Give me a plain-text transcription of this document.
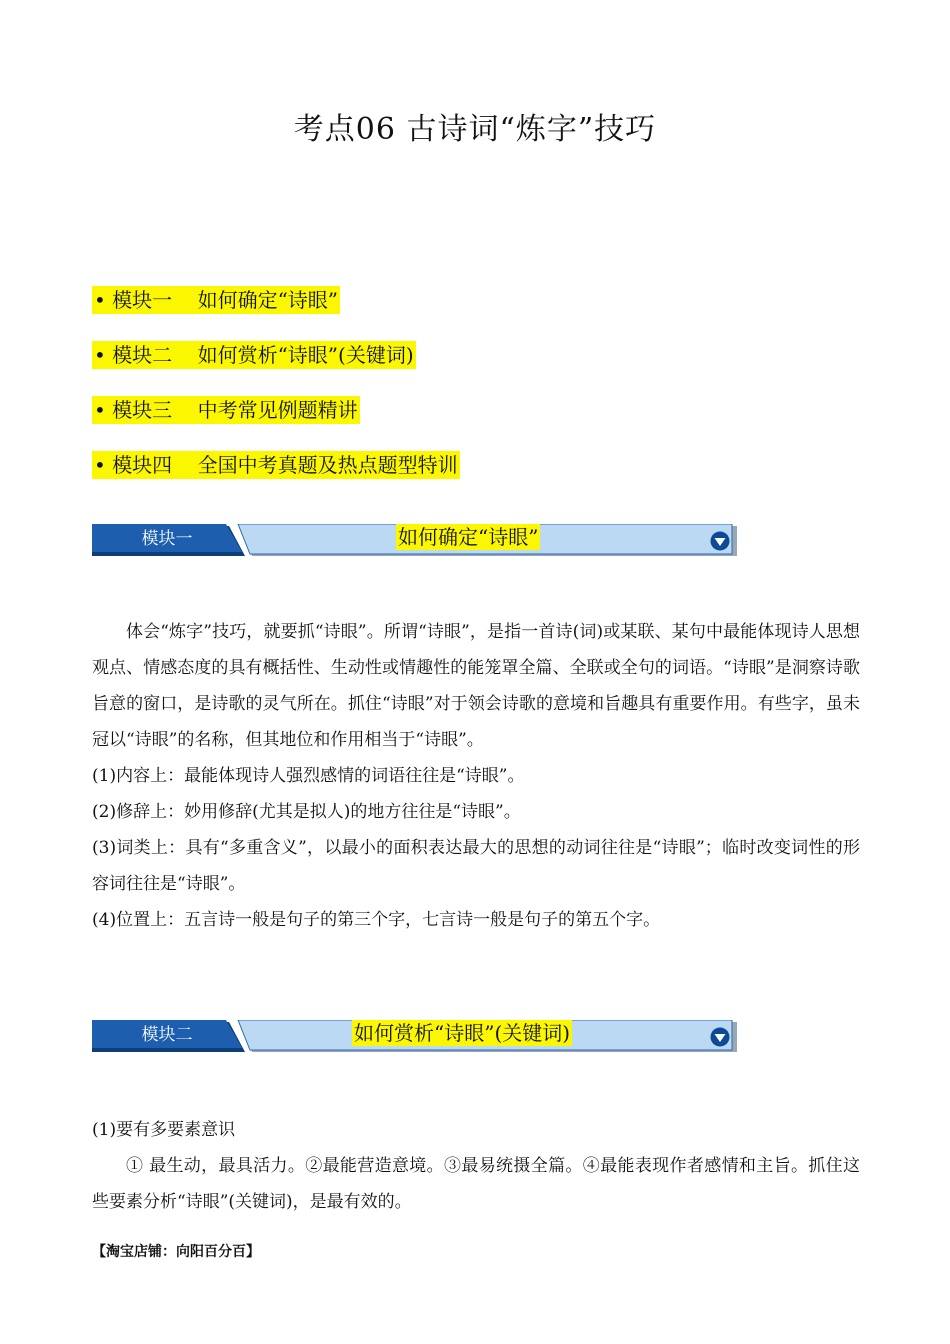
考点06 古诗词“炼字”技巧
• 模块一    如何确定“诗眼”
• 模块二    如何赏析“诗眼”(关键词)
• 模块三    中考常见例题精讲
• 模块四    全国中考真题及热点题型特训
模块一	如何确定“诗眼”

体会“炼字”技巧，就要抓“诗眼”。所谓“诗眼”，是指一首诗(词)或某联、某句中最能体现诗人思想观点、情感态度的具有概括性、生动性或情趣性的能笼罩全篇、全联或全句的词语。“诗眼”是洞察诗歌旨意的窗口，是诗歌的灵气所在。抓住“诗眼”对于领会诗歌的意境和旨趣具有重要作用。有些字，虽未冠以“诗眼”的名称，但其地位和作用相当于“诗眼”。

(1)内容上：最能体现诗人强烈感情的词语往往是“诗眼”。

(2)修辞上：妙用修辞(尤其是拟人)的地方往往是“诗眼”。

(3)词类上：具有“多重含义”，以最小的面积表达最大的思想的动词往往是“诗眼”；临时改变词性的形容词往往是“诗眼”。

(4)位置上：五言诗一般是句子的第三个字，七言诗一般是句子的第五个字。

模块二	如何赏析“诗眼”(关键词)

(1)要有多要素意识

① 最生动，最具活力。②最能营造意境。③最易统摄全篇。④最能表现作者感情和主旨。抓住这些要素分析“诗眼”(关键词)，是最有效的。

【淘宝店铺：向阳百分百】
